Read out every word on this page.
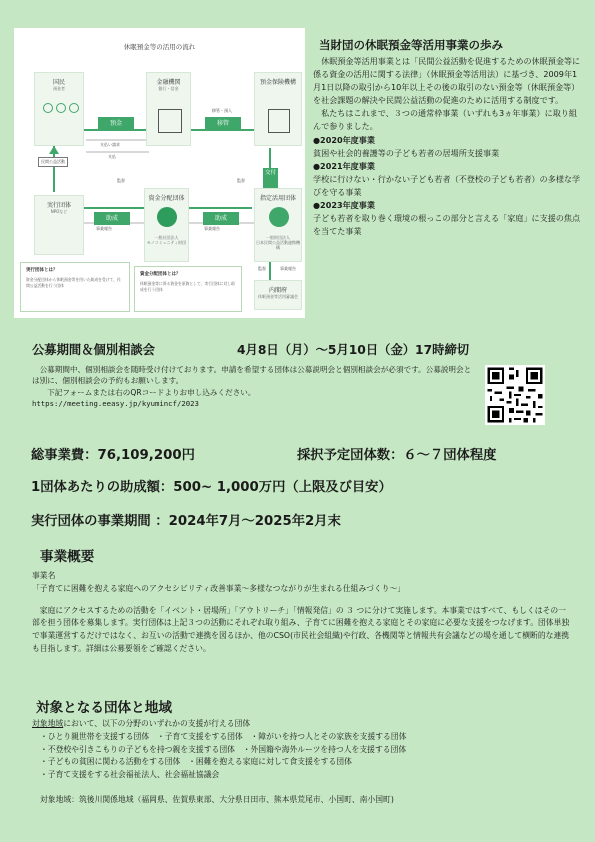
休眠預金等の活用の流れ
国民
預金者
金融機関
銀行・信金
預金保険機構
預金	移管
交付
助成
助成
支払い請求
支払
移管・預入
民間公益活動
実行団体
NPOなど
資金分配団体
一般社団法人
モノコミュニティ財団
指定活用団体
一般財団法人
日本民間公益活動連携機構
内閣府
休眠預金等活用審議会
監督
事業報告
監督
事業報告
監督	事業報告
実行団体とは？
資金分配団体から休眠預金等を用いた助成を受けて、民間公益活動を行う団体
資金分配団体とは？
休眠預金等に係る資金を原資として、実行団体に対し助成を行う団体
当財団の休眠預金等活用事業の歩み

休眠預金等活用事業とは「民間公益活動を促進するための休眠預金等に係る資金の活用に関する法律」（休眠預金等活用法）に基づき、2009年1月1日以降の取引から10年以上その後の取引のない預金等（休眠預金等）を社会課題の解決や民間公益活動の促進のために活用する制度です。

私たちはこれまで、３つの通常枠事業（いずれも3ヵ年事業）に取り組んで参りました。

●2020年度事業

貧困や社会的養護等の子ども若者の居場所支援事業

●2021年度事業

学校に行けない・行かない子ども若者（不登校の子ども若者）の多様な学びを守る事業

●2023年度事業

子ども若者を取り巻く環境の根っこの部分と言える「家庭」に支援の焦点を当てた事業

公募期間＆個別相談会	4月8日（月）～5月10日（金）17時締切

公募期間中、個別相談会を随時受け付けております。申請を希望する団体は公募説明会と個別相談会が必須です。公募説明会とは別に、個別相談会の予約もお願いします。

下記フォームまたは右のQRコードよりお申し込みください。

https://meeting.eeasy.jp/kyumincf/2023

総事業費：76,109,200円	採択予定団体数：６～７団体程度
1団体あたりの助成額：500~ 1,000万円（上限及び目安）
実行団体の事業期間 ：2024年7月～2025年2月末
事業概要

事業名

「子育てに困難を抱える家庭へのアクセシビリティ改善事業～多様なつながりが生まれる仕組みづくり～」

家庭にアクセスするための活動を「イベント・居場所」「アウトリーチ」「情報発信」の ３ つに分けて実施します。本事業ではすべて、もしくはその一部を担う団体を募集します。実行団体は上記３つの活動にそれぞれ取り組み、子育てに困難を抱える家庭とその家庭に必要な支援をつなげます。団体単独で事業運営するだけではなく、お互いの活動で連携を図るほか、他のCSO(市民社会組織)や行政、各機関等と情報共有会議などの場を通して横断的な連携も目指します。詳細は公募要領をご確認ください。

対象となる団体と地域

対象地域において、以下の分野のいずれかの支援が行える団体

・ひとり親世帯を支援する団体　・子育て支援をする団体　・障がいを持つ人とその家族を支援する団体

・不登校や引きこもりの子どもを持つ親を支援する団体　・外国籍や海外ルーツを持つ人を支援する団体

・子どもの貧困に関わる活動をする団体　・困難を抱える家庭に対して食支援をする団体

・子育て支援をする社会福祉法人、社会福祉協議会

対象地域：筑後川関係地域（福岡県、佐賀県東部、大分県日田市、熊本県荒尾市、小国町、南小国町)
